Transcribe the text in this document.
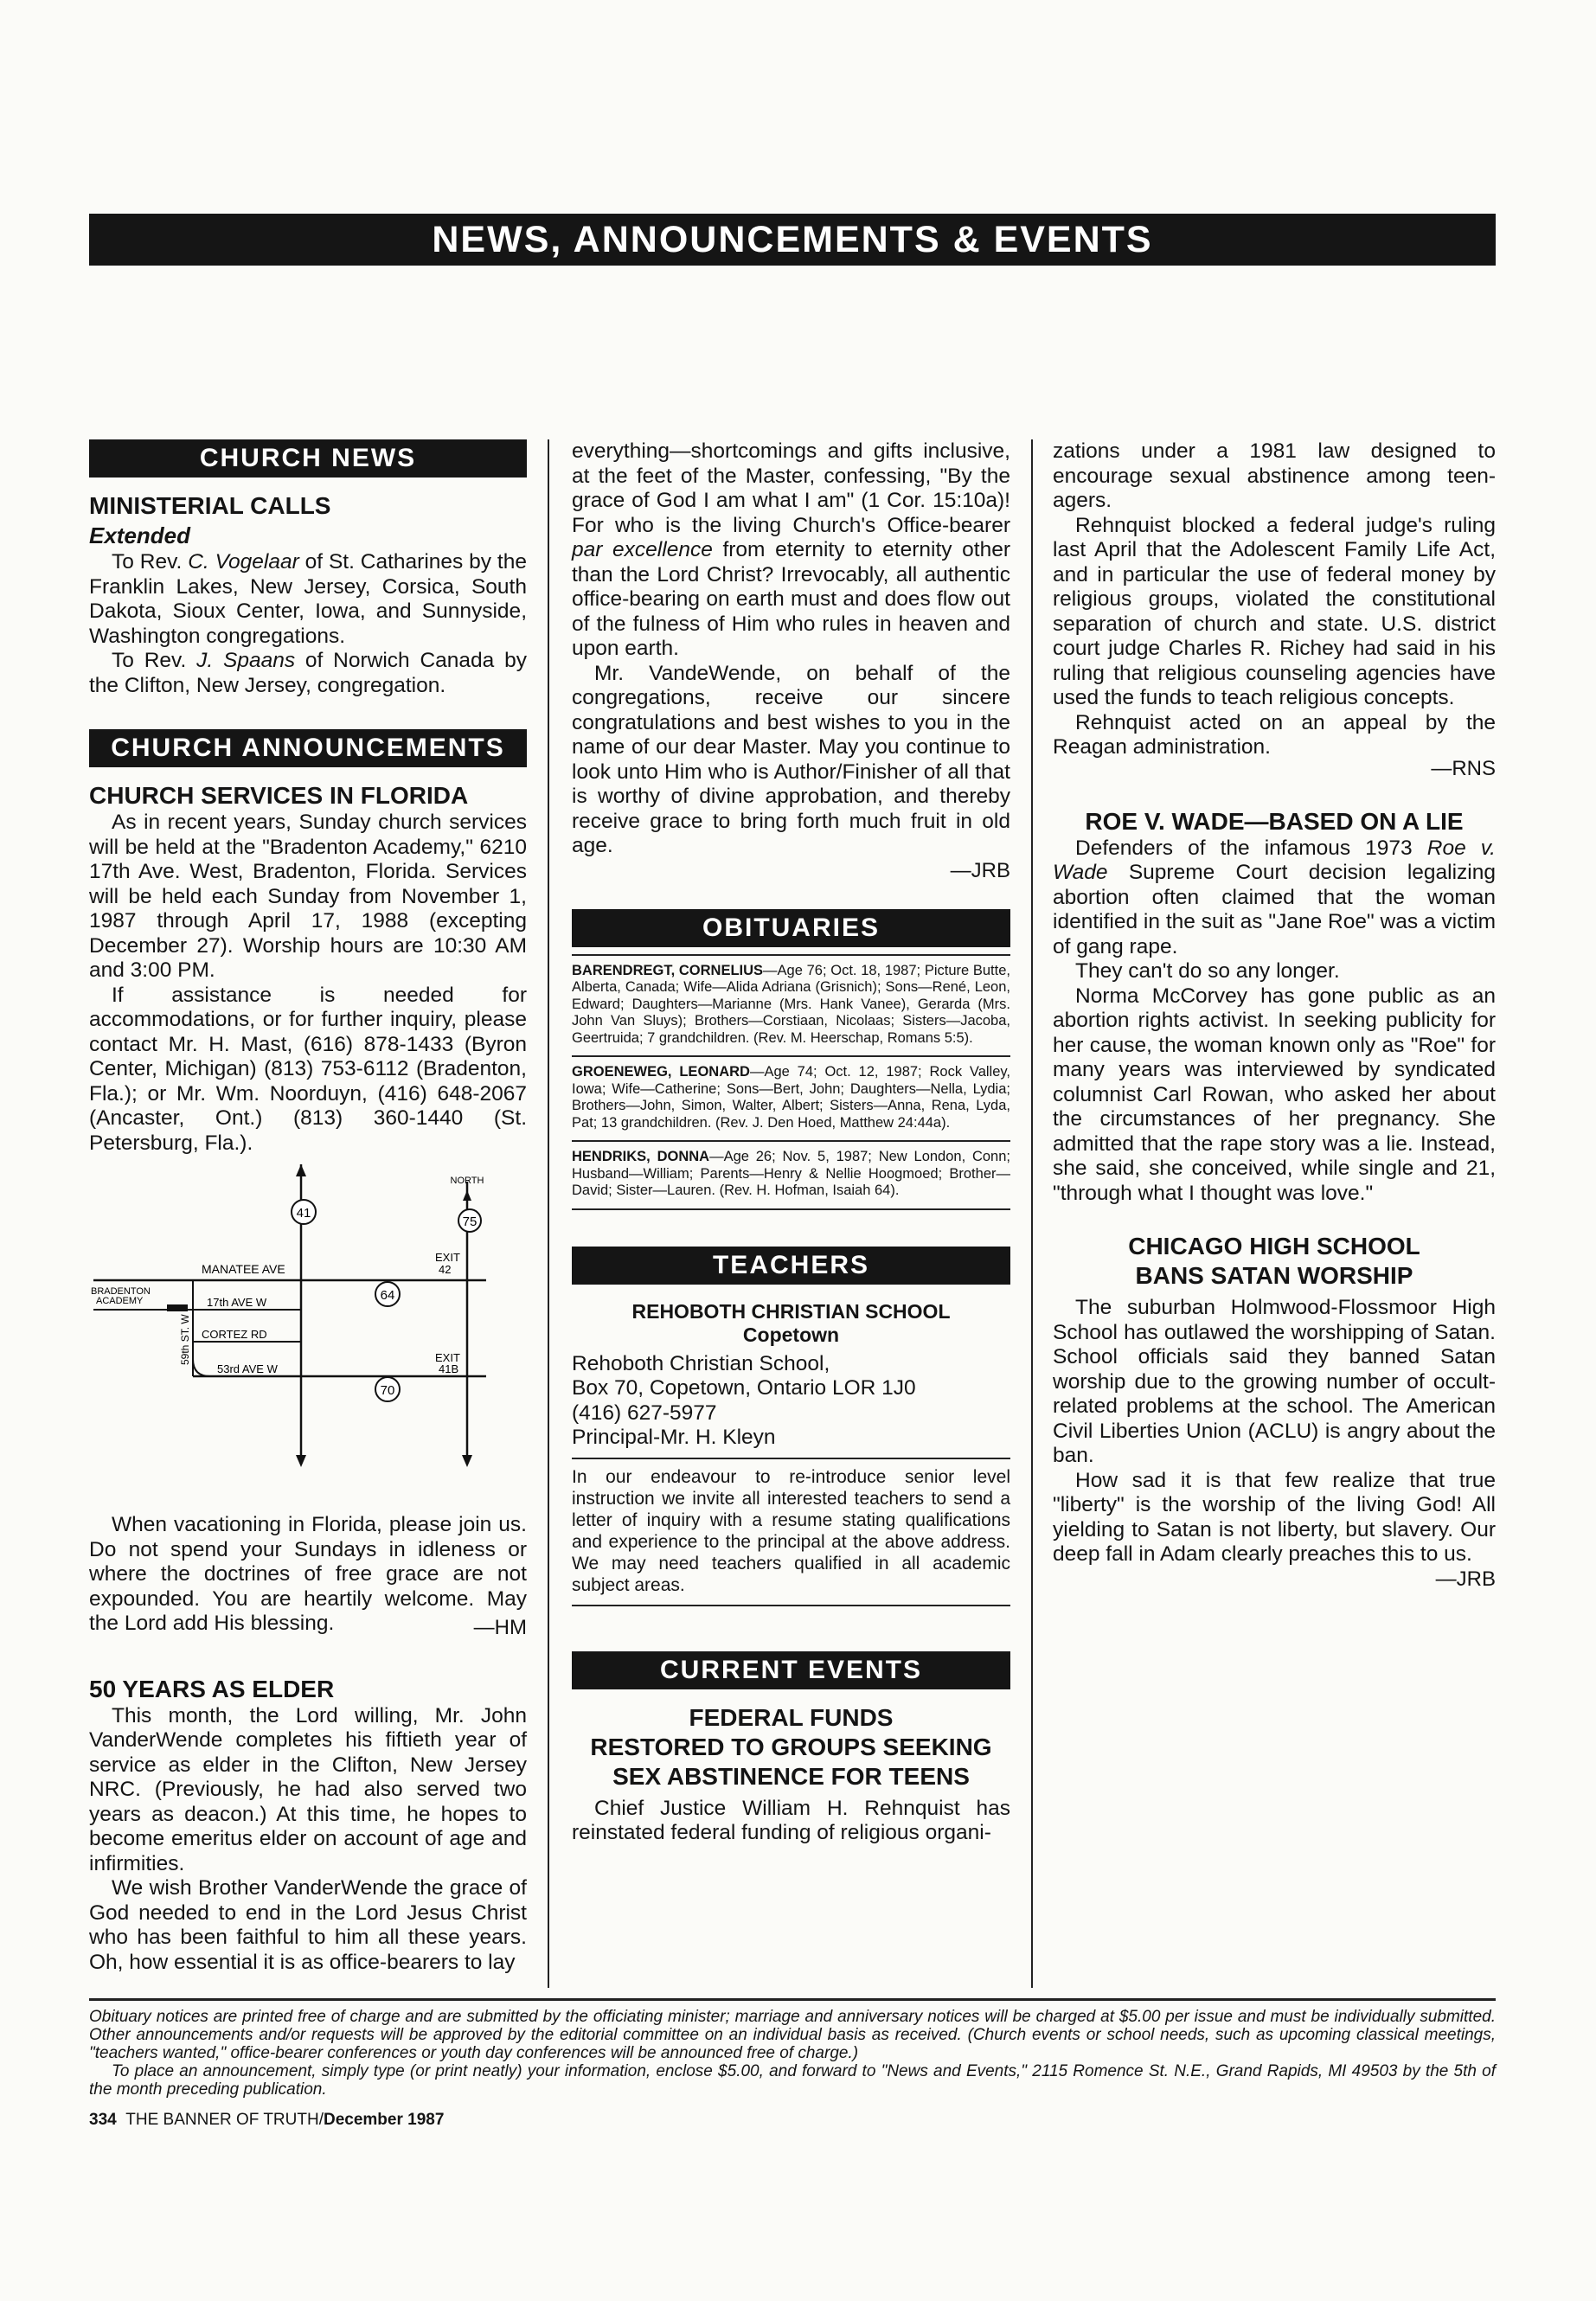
NEWS, ANNOUNCEMENTS & EVENTS
CHURCH NEWS
MINISTERIAL CALLS
Extended

To Rev. C. Vogelaar of St. Catharines by the Franklin Lakes, New Jersey, Corsica, South Dakota, Sioux Center, Iowa, and Sunnyside, Washington congregations.

To Rev. J. Spaans of Norwich Canada by the Clifton, New Jersey, congregation.

CHURCH ANNOUNCEMENTS
CHURCH SERVICES IN FLORIDA

As in recent years, Sunday church services will be held at the "Bradenton Academy," 6210 17th Ave. West, Bradenton, Florida. Services will be held each Sunday from November 1, 1987 through April 17, 1988 (excepting December 27). Worship hours are 10:30 AM and 3:00 PM.

If assistance is needed for accommodations, or for further inquiry, please contact Mr. H. Mast, (616) 878-1433 (Byron Center, Michigan) (813) 753-6112 (Bradenton, Fla.); or Mr. Wm. Noorduyn, (416) 648-2067 (Ancaster, Ont.) (813) 360-1440 (St. Petersburg, Fla.).

41
75
64
70
NORTH
MANATEE AVE
EXIT
42
EXIT
41B
BRADENTON
ACADEMY	17th AVE W
CORTEZ RD
53rd AVE W
59th ST. W

When vacationing in Florida, please join us. Do not spend your Sundays in idleness or where the doctrines of free grace are not expounded. You are heartily welcome. May the Lord add His blessing.	—HM
50 YEARS AS ELDER

This month, the Lord willing, Mr. John VanderWende completes his fiftieth year of service as elder in the Clifton, New Jersey NRC. (Previously, he had also served two years as deacon.) At this time, he hopes to become emeritus elder on account of age and infirmities.

We wish Brother VanderWende the grace of God needed to end in the Lord Jesus Christ who has been faithful to him all these years. Oh, how essential it is as office-bearers to lay

everything—shortcomings and gifts inclusive, at the feet of the Master, confessing, "By the grace of God I am what I am" (1 Cor. 15:10a)! For who is the living Church's Office-bearer par excellence from eternity to eternity other than the Lord Christ? Irrevocably, all authentic office-bearing on earth must and does flow out of the fulness of Him who rules in heaven and upon earth.

Mr. VandeWende, on behalf of the congregations, receive our sincere congratulations and best wishes to you in the name of our dear Master. May you continue to look unto Him who is Author/Finisher of all that is worthy of divine approbation, and thereby receive grace to bring forth much fruit in old age.

—JRB
OBITUARIES

BARENDREGT, CORNELIUS—Age 76; Oct. 18, 1987; Picture Butte, Alberta, Canada; Wife—Alida Adriana (Grisnich); Sons—René, Leon, Edward; Daughters—Marianne (Mrs. Hank Vanee), Gerarda (Mrs. John Van Sluys); Brothers—Corstiaan, Nicolaas; Sisters—Jacoba, Geertruida; 7 grandchildren. (Rev. M. Heerschap, Romans 5:5).

GROENEWEG, LEONARD—Age 74; Oct. 12, 1987; Rock Valley, Iowa; Wife—Catherine; Sons—Bert, John; Daughters—Nella, Lydia; Brothers—John, Simon, Walter, Albert; Sisters—Anna, Rena, Lyda, Pat; 13 grandchildren. (Rev. J. Den Hoed, Matthew 24:44a).

HENDRIKS, DONNA—Age 26; Nov. 5, 1987; New London, Conn; Husband—William; Parents—Henry & Nellie Hoogmoed; Brother—David; Sister—Lauren. (Rev. H. Hofman, Isaiah 64).

TEACHERS
REHOBOTH CHRISTIAN SCHOOL
Copetown

Rehoboth Christian School,

Box 70, Copetown, Ontario LOR 1J0

(416) 627-5977

Principal-Mr. H. Kleyn

In our endeavour to re-introduce senior level instruction we invite all interested teachers to send a letter of inquiry with a resume stating qualifications and experience to the principal at the above address. We may need teachers qualified in all academic subject areas.

CURRENT EVENTS
FEDERAL FUNDS
RESTORED TO GROUPS SEEKING
SEX ABSTINENCE FOR TEENS

Chief Justice William H. Rehnquist has reinstated federal funding of religious organi-

zations under a 1981 law designed to encourage sexual abstinence among teen-agers.

Rehnquist blocked a federal judge's ruling last April that the Adolescent Family Life Act, and in particular the use of federal money by religious groups, violated the constitutional separation of church and state. U.S. district court judge Charles R. Richey had said in his ruling that religious counseling agencies have used the funds to teach religious concepts.

Rehnquist acted on an appeal by the Reagan administration.

—RNS
ROE V. WADE—BASED ON A LIE

Defenders of the infamous 1973 Roe v. Wade Supreme Court decision legalizing abortion often claimed that the woman identified in the suit as "Jane Roe" was a victim of gang rape.

They can't do so any longer.

Norma McCorvey has gone public as an abortion rights activist. In seeking publicity for her cause, the woman known only as "Roe" for many years was interviewed by syndicated columnist Carl Rowan, who asked her about the circumstances of her pregnancy. She admitted that the rape story was a lie. Instead, she said, she conceived, while single and 21, "through what I thought was love."

CHICAGO HIGH SCHOOL
BANS SATAN WORSHIP

The suburban Holmwood-Flossmoor High School has outlawed the worshipping of Satan. School officials said they banned Satan worship due to the growing number of occult-related problems at the school. The American Civil Liberties Union (ACLU) is angry about the ban.

How sad it is that few realize that true "liberty" is the worship of the living God! All yielding to Satan is not liberty, but slavery. Our deep fall in Adam clearly preaches this to us.

—JRB

Obituary notices are printed free of charge and are submitted by the officiating minister; marriage and anniversary notices will be charged at $5.00 per issue and must be individually submitted. Other announcements and/or requests will be approved by the editorial committee on an individual basis as received. (Church events or school needs, such as upcoming classical meetings, "teachers wanted," office-bearer conferences or youth day conferences will be announced free of charge.)

To place an announcement, simply type (or print neatly) your information, enclose $5.00, and forward to "News and Events," 2115 Romence St. N.E., Grand Rapids, MI 49503 by the 5th of the month preceding publication.

334 THE BANNER OF TRUTH/December 1987
